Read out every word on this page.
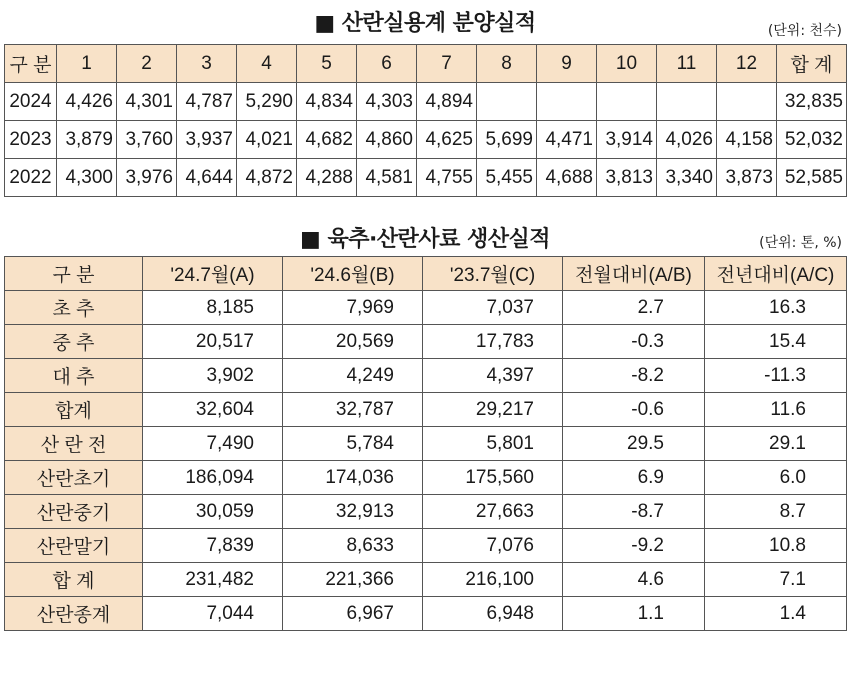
■ 산란실용계 분양실적	(단위: 천수)
구 분	1	2	3	4	5	6	7	8	9	10	11	12	합 계
2024	4,426	4,301	4,787	5,290	4,834	4,303	4,894						32,835
2023	3,879	3,760	3,937	4,021	4,682	4,860	4,625	5,699	4,471	3,914	4,026	4,158	52,032
2022	4,300	3,976	4,644	4,872	4,288	4,581	4,755	5,455	4,688	3,813	3,340	3,873	52,585
■ 육추·산란사료 생산실적	(단위: 톤, %)
구 분	'24.7월(A)	'24.6월(B)	'23.7월(C)	전월대비(A/B)	전년대비(A/C)
초 추	8,185	7,969	7,037	2.7	16.3
중 추	20,517	20,569	17,783	-0.3	15.4
대 추	3,902	4,249	4,397	-8.2	-11.3
합계	32,604	32,787	29,217	-0.6	11.6
산 란 전	7,490	5,784	5,801	29.5	29.1
산란초기	186,094	174,036	175,560	6.9	6.0
산란중기	30,059	32,913	27,663	-8.7	8.7
산란말기	7,839	8,633	7,076	-9.2	10.8
합 계	231,482	221,366	216,100	4.6	7.1
산란종계	7,044	6,967	6,948	1.1	1.4
